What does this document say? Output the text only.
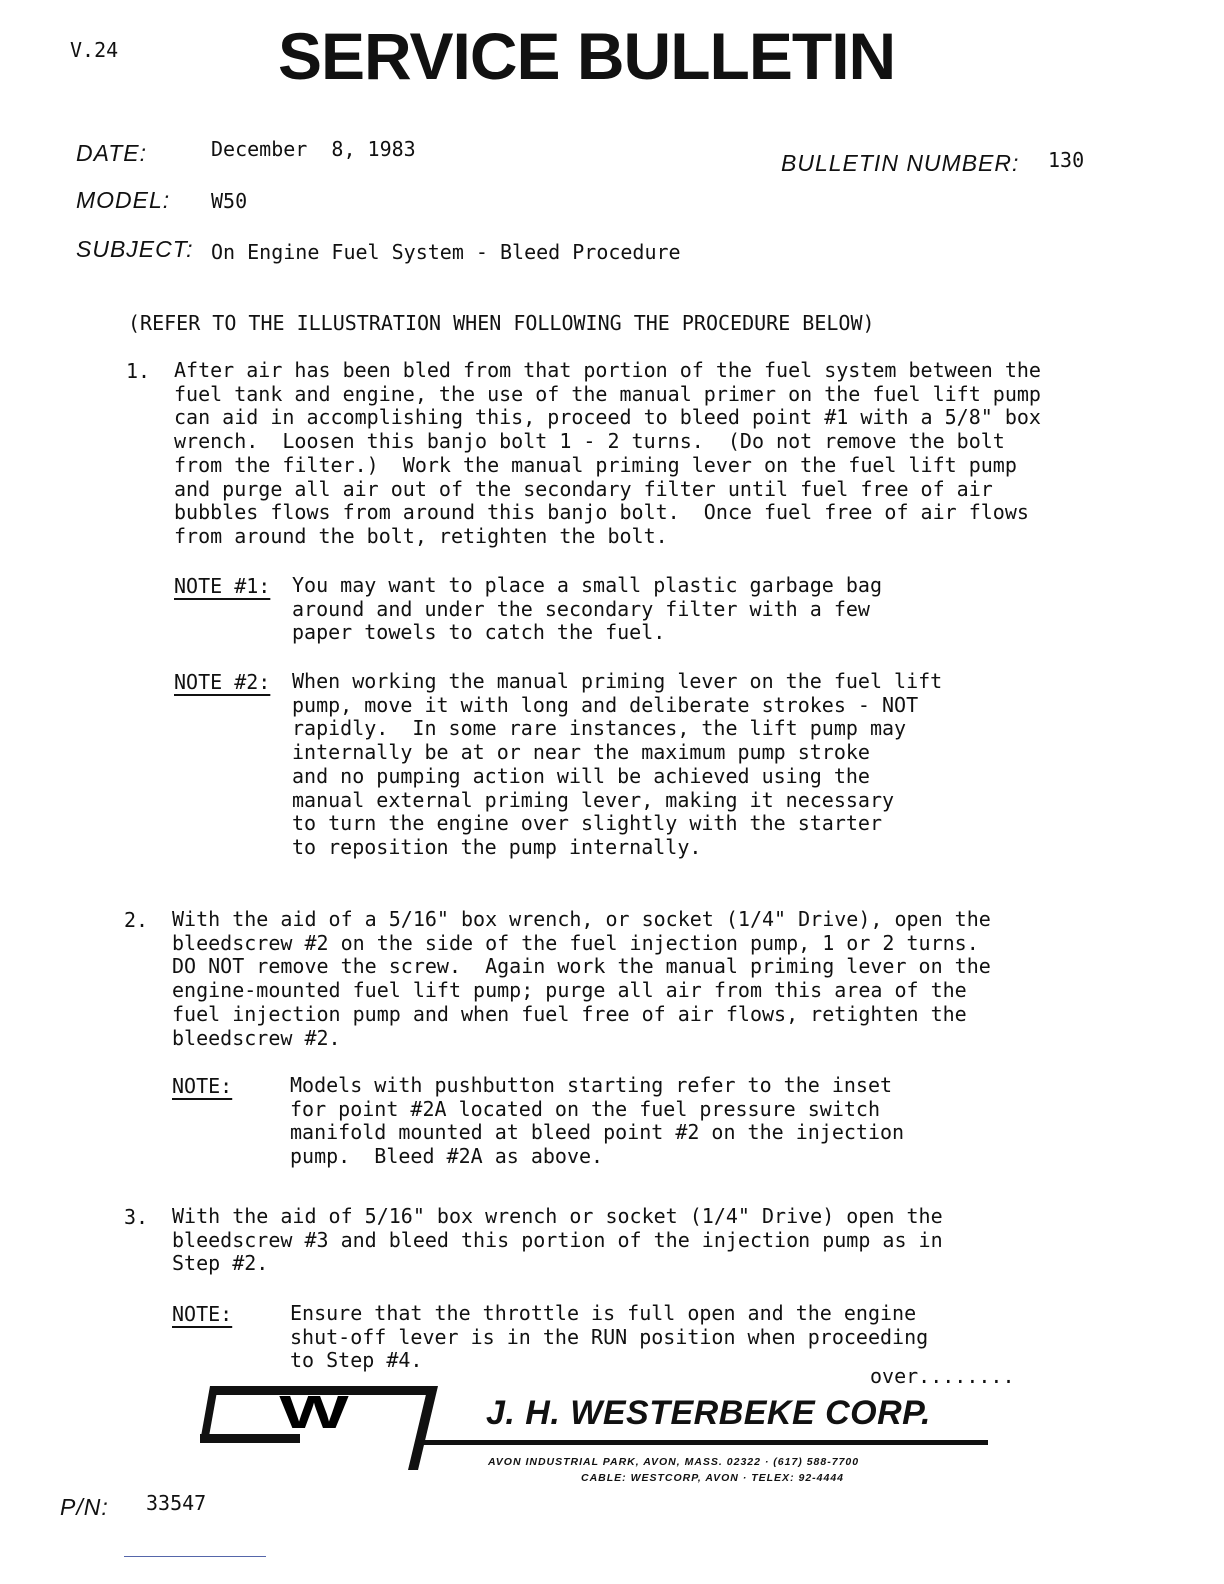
V.24 SERVICE BULLETIN
DATE:	December  8, 1983
MODEL: W50
SUBJECT: On Engine Fuel System - Bleed Procedure
BULLETIN NUMBER: 130
(REFER TO THE ILLUSTRATION WHEN FOLLOWING THE PROCEDURE BELOW)
1. After air has been bled from that portion of the fuel system between the
fuel tank and engine, the use of the manual primer on the fuel lift pump
can aid in accomplishing this, proceed to bleed point #1 with a 5/8" box
wrench.  Loosen this banjo bolt 1 - 2 turns.  (Do not remove the bolt
from the filter.)  Work the manual priming lever on the fuel lift pump
and purge all air out of the secondary filter until fuel free of air
bubbles flows from around this banjo bolt.  Once fuel free of air flows
from around the bolt, retighten the bolt.
NOTE #1: You may want to place a small plastic garbage bag
around and under the secondary filter with a few
paper towels to catch the fuel.
NOTE #2: When working the manual priming lever on the fuel lift
pump, move it with long and deliberate strokes - NOT
rapidly.  In some rare instances, the lift pump may
internally be at or near the maximum pump stroke
and no pumping action will be achieved using the
manual external priming lever, making it necessary
to turn the engine over slightly with the starter
to reposition the pump internally.
2. With the aid of a 5/16" box wrench, or socket (1/4" Drive), open the
bleedscrew #2 on the side of the fuel injection pump, 1 or 2 turns.
DO NOT remove the screw.  Again work the manual priming lever on the
engine-mounted fuel lift pump; purge all air from this area of the
fuel injection pump and when fuel free of air flows, retighten the
bleedscrew #2.
NOTE:	Models with pushbutton starting refer to the inset
for point #2A located on the fuel pressure switch
manifold mounted at bleed point #2 on the injection
pump.  Bleed #2A as above.
3. With the aid of 5/16" box wrench or socket (1/4" Drive) open the
bleedscrew #3 and bleed this portion of the injection pump as in
Step #2.
NOTE:	Ensure that the throttle is full open and the engine
shut-off lever is in the RUN position when proceeding
to Step #4.
over........
W	J. H. WESTERBEKE CORP.
AVON INDUSTRIAL PARK, AVON, MASS. 02322 · (617) 588-7700
CABLE: WESTCORP, AVON · TELEX: 92-4444
P/N: 33547
